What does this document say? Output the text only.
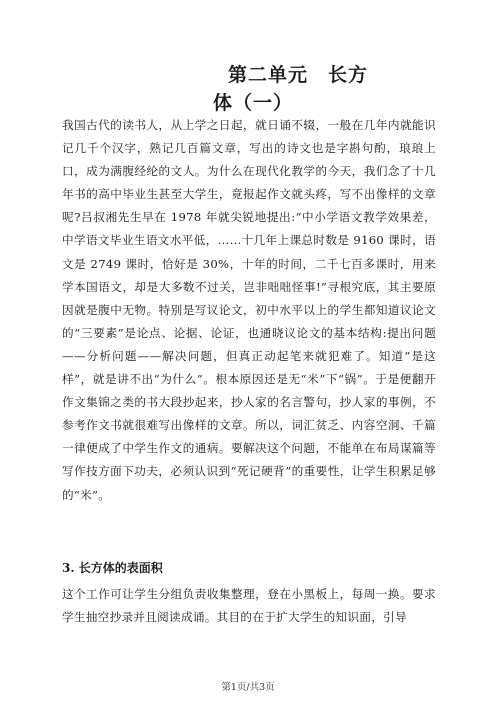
第二单元　长方
体（一）

我国古代的读书人，从上学之日起，就日诵不辍，一般在几年内就能识记几千个汉字，熟记几百篇文章，写出的诗文也是字斟句酌，琅琅上口，成为满腹经纶的文人。为什么在现代化教学的今天，我们念了十几年书的高中毕业生甚至大学生，竟报起作文就头疼，写不出像样的文章呢?吕叔湘先生早在 1978 年就尖锐地提出:“中小学语文教学效果差，中学语文毕业生语文水平低，……十几年上课总时数是 9160 课时，语文是 2749 课时，恰好是 30%，十年的时间，二千七百多课时，用来学本国语文，却是大多数不过关，岂非咄咄怪事!”寻根究底，其主要原因就是腹中无物。特别是写议论文，初中水平以上的学生都知道议论文的“三要素”是论点、论据、论证，也通晓议论文的基本结构:提出问题——分析问题——解决问题，但真正动起笔来就犯难了。知道“是这样”，就是讲不出“为什么”。根本原因还是无“米”下“锅”。于是便翻开作文集锦之类的书大段抄起来，抄人家的名言警句，抄人家的事例，不参考作文书就很难写出像样的文章。所以，词汇贫乏、内容空洞、千篇一律便成了中学生作文的通病。要解决这个问题，不能单在布局谋篇等写作技方面下功夫，必须认识到“死记硬背”的重要性，让学生积累足够的“米”。

3. 长方体的表面积

这个工作可让学生分组负责收集整理，登在小黑板上，每周一换。要求学生抽空抄录并且阅读成诵。其目的在于扩大学生的知识面，引导

第1页/共3页
